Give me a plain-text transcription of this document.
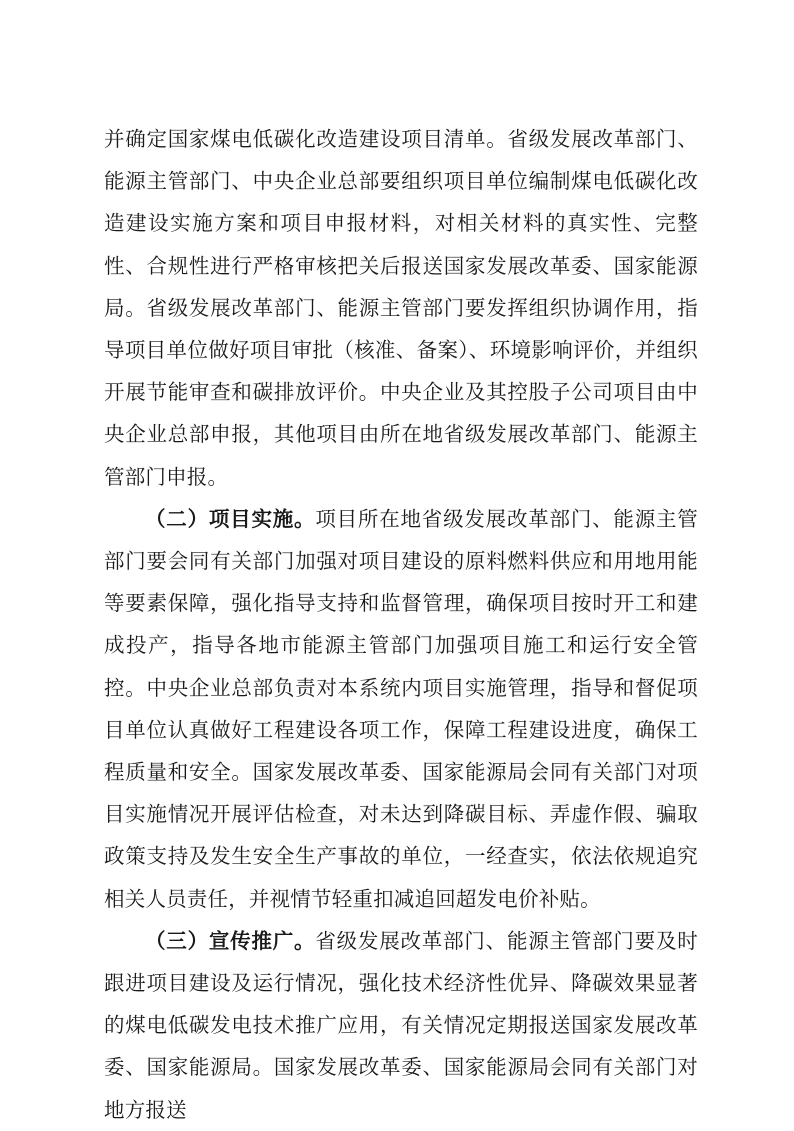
并确定国家煤电低碳化改造建设项目清单。省级发展改革部门、能源主管部门、中央企业总部要组织项目单位编制煤电低碳化改造建设实施方案和项目申报材料，对相关材料的真实性、完整性、合规性进行严格审核把关后报送国家发展改革委、国家能源局。省级发展改革部门、能源主管部门要发挥组织协调作用，指导项目单位做好项目审批（核准、备案）、环境影响评价，并组织开展节能审查和碳排放评价。中央企业及其控股子公司项目由中央企业总部申报，其他项目由所在地省级发展改革部门、能源主管部门申报。

（二）项目实施。项目所在地省级发展改革部门、能源主管部门要会同有关部门加强对项目建设的原料燃料供应和用地用能等要素保障，强化指导支持和监督管理，确保项目按时开工和建成投产，指导各地市能源主管部门加强项目施工和运行安全管控。中央企业总部负责对本系统内项目实施管理，指导和督促项目单位认真做好工程建设各项工作，保障工程建设进度，确保工程质量和安全。国家发展改革委、国家能源局会同有关部门对项目实施情况开展评估检查，对未达到降碳目标、弄虚作假、骗取政策支持及发生安全生产事故的单位，一经查实，依法依规追究相关人员责任，并视情节轻重扣减追回超发电价补贴。

（三）宣传推广。省级发展改革部门、能源主管部门要及时跟进项目建设及运行情况，强化技术经济性优异、降碳效果显著的煤电低碳发电技术推广应用，有关情况定期报送国家发展改革委、国家能源局。国家发展改革委、国家能源局会同有关部门对地方报送
